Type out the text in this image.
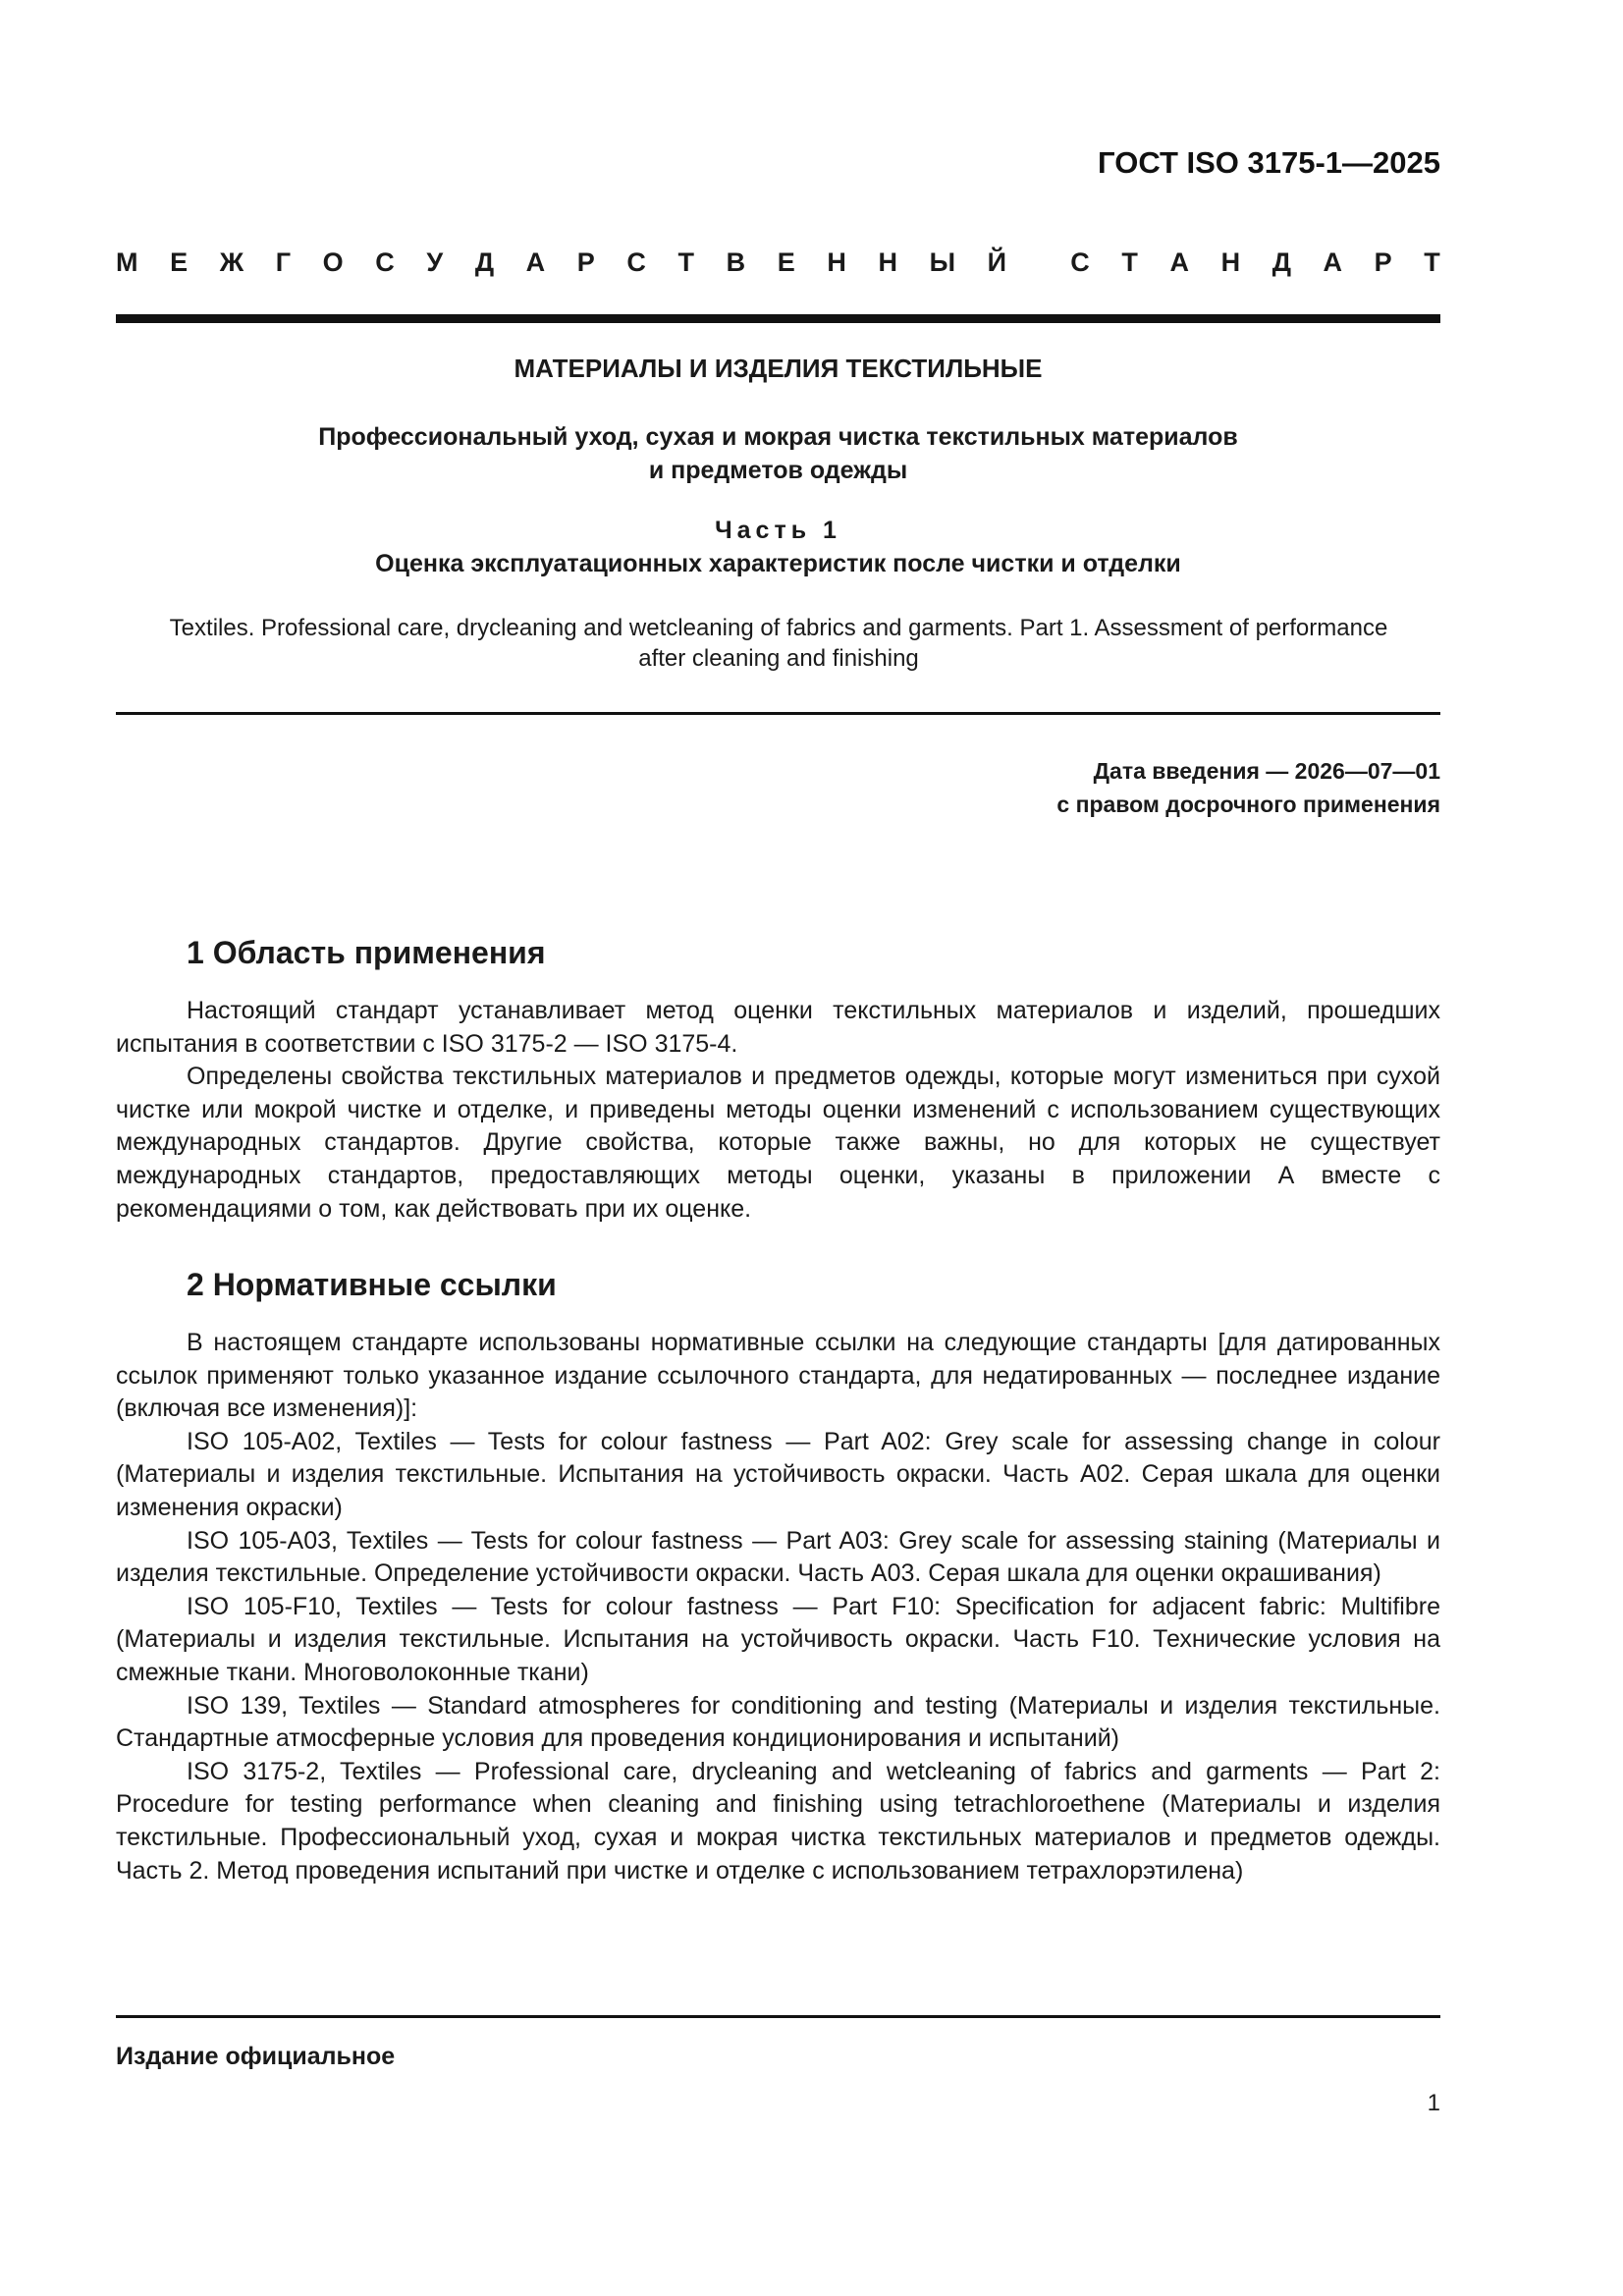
ГОСТ ISO 3175-1—2025
М Е Ж Г О С У Д А Р С Т В Е Н Н Ы Й С Т А Н Д А Р Т
МАТЕРИАЛЫ И ИЗДЕЛИЯ ТЕКСТИЛЬНЫЕ
Профессиональный уход, сухая и мокрая чистка текстильных материалов
и предметов одежды
Часть 1
Оценка эксплуатационных характеристик после чистки и отделки
Textiles. Professional care, drycleaning and wetcleaning of fabrics and garments. Part 1. Assessment of performance
after cleaning and finishing
Дата введения — 2026—07—01
с правом досрочного применения
1 Область применения

Настоящий стандарт устанавливает метод оценки текстильных материалов и изделий, прошедших испытания в соответствии с ISO 3175-2 — ISO 3175-4.

Определены свойства текстильных материалов и предметов одежды, которые могут измениться при сухой чистке или мокрой чистке и отделке, и приведены методы оценки изменений с использованием существующих международных стандартов. Другие свойства, которые также важны, но для которых не существует международных стандартов, предоставляющих методы оценки, указаны в приложении А вместе с рекомендациями о том, как действовать при их оценке.

2 Нормативные ссылки

В настоящем стандарте использованы нормативные ссылки на следующие стандарты [для датированных ссылок применяют только указанное издание ссылочного стандарта, для недатированных — последнее издание (включая все изменения)]:

ISO 105-A02, Textiles — Tests for colour fastness — Part A02: Grey scale for assessing change in colour (Материалы и изделия текстильные. Испытания на устойчивость окраски. Часть А02. Серая шкала для оценки изменения окраски)

ISO 105-A03, Textiles — Tests for colour fastness — Part A03: Grey scale for assessing staining (Материалы и изделия текстильные. Определение устойчивости окраски. Часть А03. Серая шкала для оценки окрашивания)

ISO 105-F10, Textiles — Tests for colour fastness — Part F10: Specification for adjacent fabric: Multifibre (Материалы и изделия текстильные. Испытания на устойчивость окраски. Часть F10. Технические условия на смежные ткани. Многоволоконные ткани)

ISO 139, Textiles — Standard atmospheres for conditioning and testing (Материалы и изделия текстильные. Стандартные атмосферные условия для проведения кондиционирования и испытаний)

ISO 3175-2, Textiles — Professional care, drycleaning and wetcleaning of fabrics and garments — Part 2: Procedure for testing performance when cleaning and finishing using tetrachloroethene (Материалы и изделия текстильные. Профессиональный уход, сухая и мокрая чистка текстильных материалов и предметов одежды. Часть 2. Метод проведения испытаний при чистке и отделке с использованием тетрахлорэтилена)

Издание официальное
1
